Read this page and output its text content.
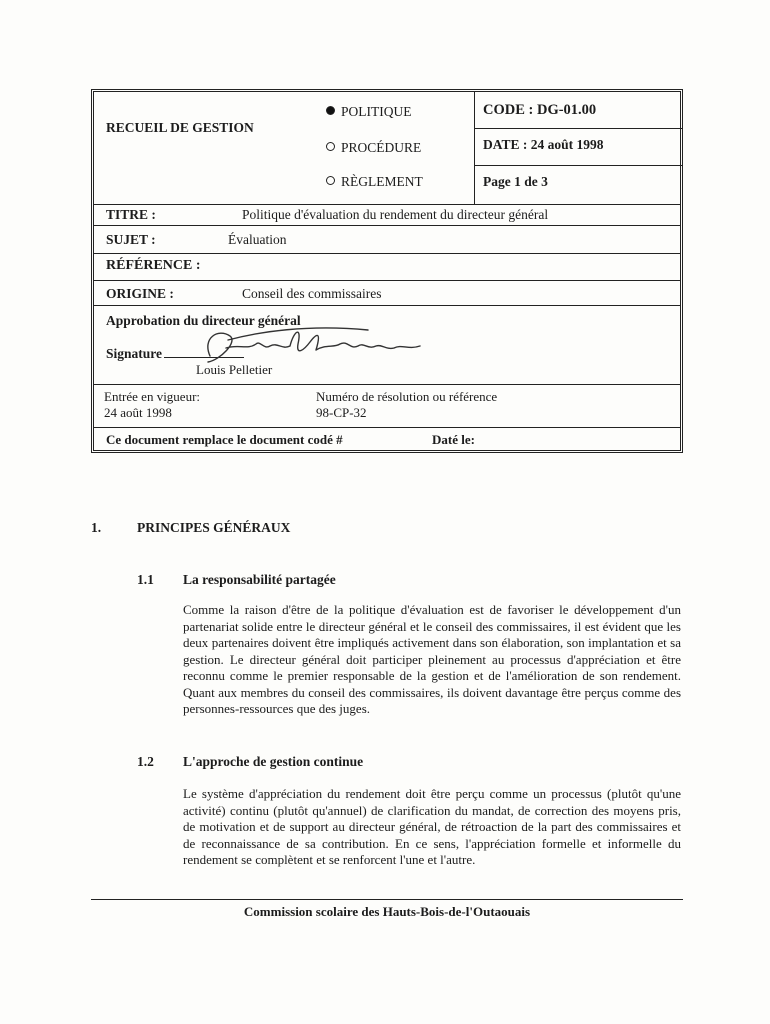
RECUEIL DE GESTION
POLITIQUE
PROCÉDURE
RÈGLEMENT
CODE : DG-01.00
DATE : 24 août 1998
Page 1 de 3
TITRE :	Politique d'évaluation du rendement du directeur général
SUJET :	Évaluation
RÉFÉRENCE :
ORIGINE :	Conseil des commissaires
Approbation du directeur général
Signature
Louis Pelletier
Entrée en vigueur:
24 août 1998
Numéro de résolution ou référence
98-CP-32
Ce document remplace le document codé #	Daté le:
1.	PRINCIPES GÉNÉRAUX
1.1 La responsabilité partagée
Comme la raison d'être de la politique d'évaluation est de favoriser le développement d'un partenariat solide entre le directeur général et le conseil des commissaires, il est évident que les deux partenaires doivent être impliqués activement dans son élaboration, son implantation et sa gestion. Le directeur général doit participer pleinement au processus d'appréciation et être reconnu comme le premier responsable de la gestion et de l'amélioration de son rendement. Quant aux membres du conseil des commissaires, ils doivent davantage être perçus comme des personnes-ressources que des juges.
1.2 L'approche de gestion continue
Le système d'appréciation du rendement doit être perçu comme un processus (plutôt qu'une activité) continu (plutôt qu'annuel) de clarification du mandat, de correction des moyens pris, de motivation et de support au directeur général, de rétroaction de la part des commissaires et de reconnaissance de sa contribution. En ce sens, l'appréciation formelle et informelle du rendement se complètent et se renforcent l'une et l'autre.
Commission scolaire des Hauts-Bois-de-l'Outaouais
